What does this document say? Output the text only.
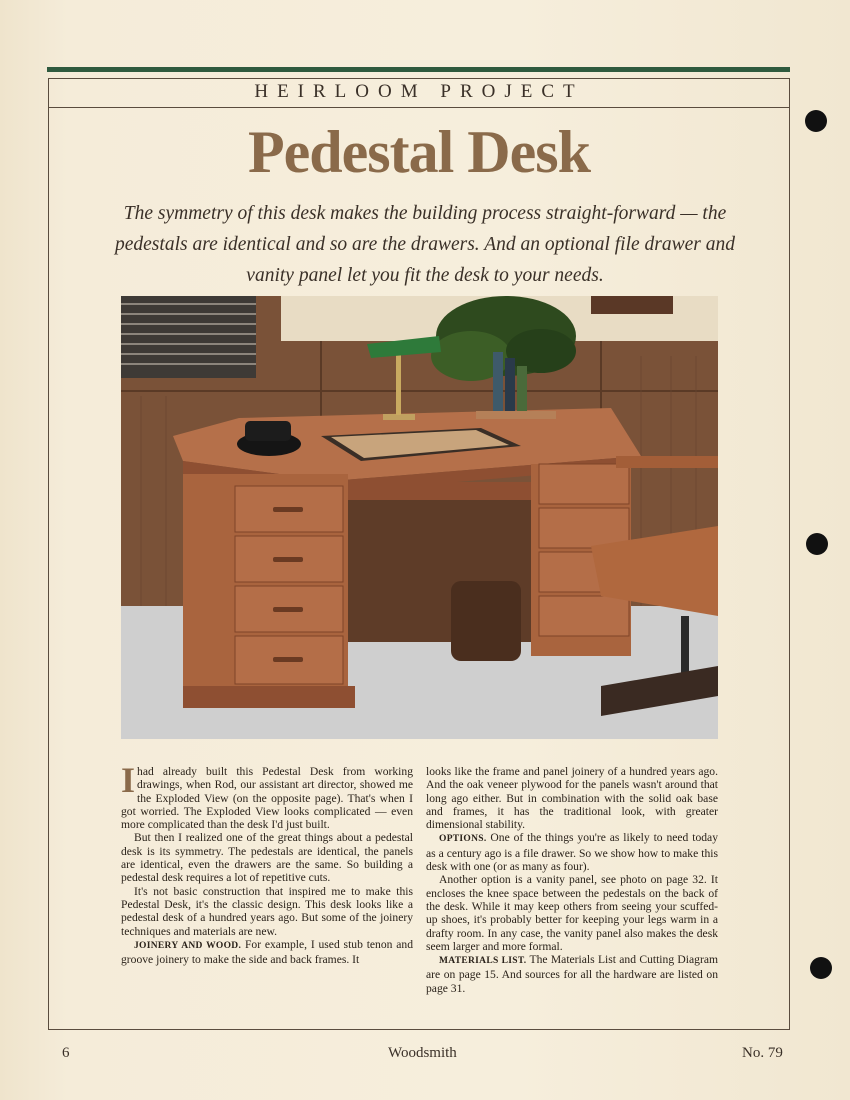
HEIRLOOM PROJECT
Pedestal Desk
The symmetry of this desk makes the building process straight-forward — the pedestals are identical and so are the drawers. And an optional file drawer and vanity panel let you fit the desk to your needs.

Ihad already built this Pedestal Desk from working drawings, when Rod, our assistant art director, showed me the Exploded View (on the opposite page). That's when I got worried. The Exploded View looks complicated — even more complicated than the desk I'd just built.

But then I realized one of the great things about a pedestal desk is its symmetry. The pedestals are identical, the panels are identical, even the drawers are the same. So building a pedestal desk requires a lot of repetitive cuts.

It's not basic construction that inspired me to make this Pedestal Desk, it's the classic design. This desk looks like a pedestal desk of a hundred years ago. But some of the joinery techniques and materials are new.

JOINERY AND WOOD. For example, I used stub tenon and groove joinery to make the side and back frames. It

looks like the frame and panel joinery of a hundred years ago. And the oak veneer plywood for the panels wasn't around that long ago either. But in combination with the solid oak base and frames, it has the traditional look, with greater dimensional stability.

OPTIONS. One of the things you're as likely to need today as a century ago is a file drawer. So we show how to make this desk with one (or as many as four).

Another option is a vanity panel, see photo on page 32. It encloses the knee space between the pedestals on the back of the desk. While it may keep others from seeing your scuffed-up shoes, it's probably better for keeping your legs warm in a drafty room. In any case, the vanity panel also makes the desk seem larger and more formal.

MATERIALS LIST. The Materials List and Cutting Diagram are on page 15. And sources for all the hardware are listed on page 31.

6	Woodsmith	No. 79
